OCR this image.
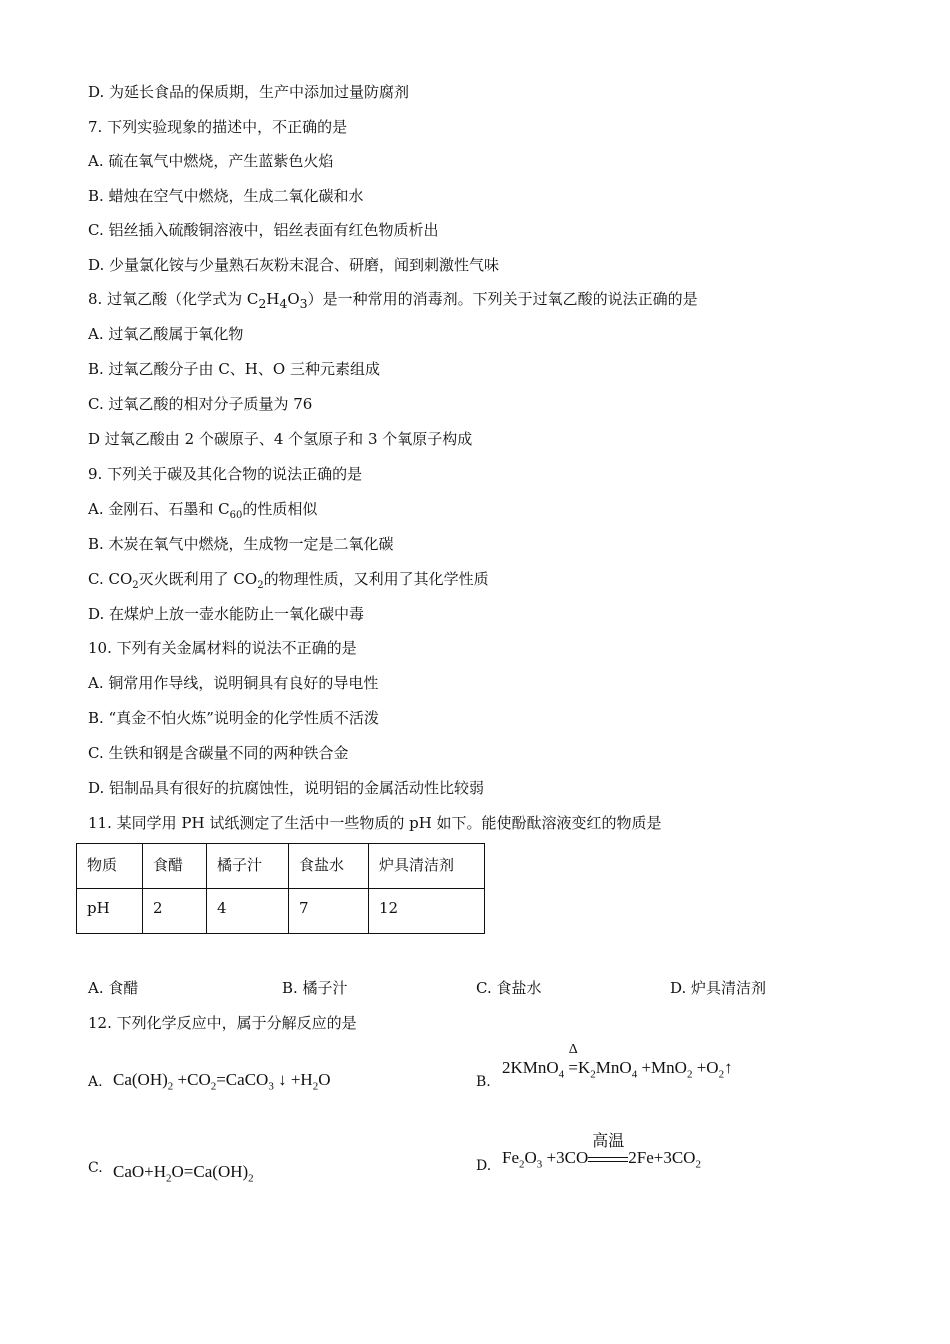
D. 为延长食品的保质期，生产中添加过量防腐剂
7. 下列实验现象的描述中，不正确的是
A. 硫在氧气中燃烧，产生蓝紫色火焰
B. 蜡烛在空气中燃烧，生成二氧化碳和水
C. 铝丝插入硫酸铜溶液中，铝丝表面有红色物质析出
D. 少量氯化铵与少量熟石灰粉末混合、研磨，闻到刺激性气味
8. 过氧乙酸（化学式为 $C_2H_4O_3$）是一种常用的消毒剂。下列关于过氧乙酸的说法正确的是
A. 过氧乙酸属于氧化物
B. 过氧乙酸分子由 C、H、O 三种元素组成
C. 过氧乙酸的相对分子质量为 76
D 过氧乙酸由 2 个碳原子、4 个氢原子和 3 个氧原子构成
9. 下列关于碳及其化合物的说法正确的是
A. 金刚石、石墨和 $C_{60}$的性质相似
B. 木炭在氧气中燃烧，生成物一定是二氧化碳
C. $CO_2$灭火既利用了 $CO_2$的物理性质，又利用了其化学性质
D. 在煤炉上放一壶水能防止一氧化碳中毒
10. 下列有关金属材料的说法不正确的是
A. 铜常用作导线，说明铜具有良好的导电性
B. “真金不怕火炼”说明金的化学性质不活泼
C. 生铁和钢是含碳量不同的两种铁合金
D. 铝制品具有很好的抗腐蚀性，说明铝的金属活动性比较弱
11. 某同学用 PH 试纸测定了生活中一些物质的 pH 如下。能使酚酞溶液变红的物质是
物质	食醋	橘子汁	食盐水	炉具清洁剂
pH	2	4	7	12
A. 食醋	B. 橘子汁	C. 食盐水	D. 炉具清洁剂
12. 下列化学反应中，属于分解反应的是
A. $Ca(OH)_2$ $+CO_2=CaCO_3$ ↓ $+H_2O$	B.
2KMnO$_4$ =
Δ
$K_2MnO_4 +MnO_2$ $+O_2↑$
C. $CaO+H_2O=Ca(OH)_2$
D. $Fe_2O_3 +3CO$
高温
$2Fe+3CO_2$
